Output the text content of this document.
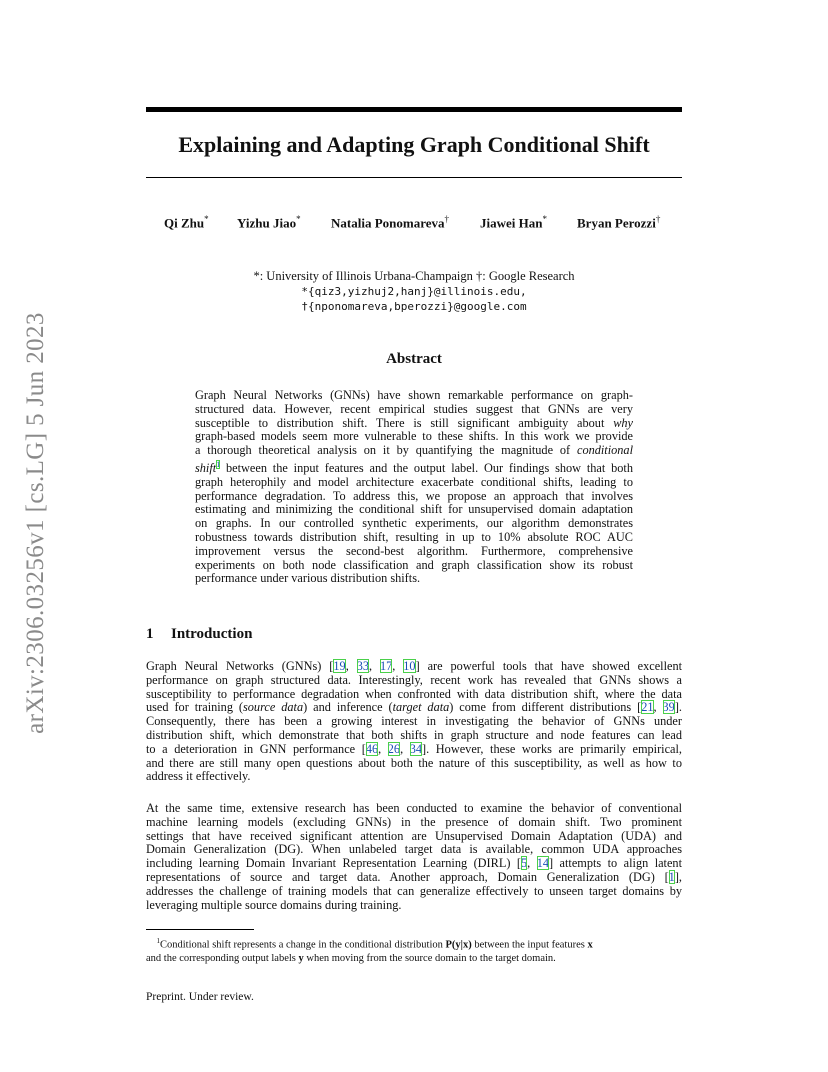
arXiv:2306.03256v1 [cs.LG] 5 Jun 2023
Explaining and Adapting Graph Conditional Shift
Qi Zhu* Yizhu Jiao* Natalia Ponomareva† Jiawei Han* Bryan Perozzi†
*: University of Illinois Urbana-Champaign †: Google Research
*{qiz3,yizhuj2,hanj}@illinois.edu,
†{nponomareva,bperozzi}@google.com
Abstract
Graph Neural Networks (GNNs) have shown remarkable performance on graph-
structured data. However, recent empirical studies suggest that GNNs are very
susceptible to distribution shift. There is still significant ambiguity about why
graph-based models seem more vulnerable to these shifts. In this work we provide
a thorough theoretical analysis on it by quantifying the magnitude of conditional
shift$^1$ between the input features and the output label. Our findings show that both
graph heterophily and model architecture exacerbate conditional shifts, leading to
performance degradation. To address this, we propose an approach that involves
estimating and minimizing the conditional shift for unsupervised domain adaptation
on graphs. In our controlled synthetic experiments, our algorithm demonstrates
robustness towards distribution shift, resulting in up to 10% absolute ROC AUC
improvement versus the second-best algorithm. Furthermore, comprehensive
experiments on both node classification and graph classification show its robust
performance under various distribution shifts.
1 Introduction
Graph Neural Networks (GNNs) [19, 33, 17, 10] are powerful tools that have showed excellent
performance on graph structured data. Interestingly, recent work has revealed that GNNs shows a
susceptibility to performance degradation when confronted with data distribution shift, where the data
used for training (source data) and inference (target data) come from different distributions [21, 39].
Consequently, there has been a growing interest in investigating the behavior of GNNs under
distribution shift, which demonstrate that both shifts in graph structure and node features can lead
to a deterioration in GNN performance [46, 26, 34]. However, these works are primarily empirical,
and there are still many open questions about both the nature of this susceptibility, as well as how to
address it effectively.
At the same time, extensive research has been conducted to examine the behavior of conventional
machine learning models (excluding GNNs) in the presence of domain shift. Two prominent
settings that have received significant attention are Unsupervised Domain Adaptation (UDA) and
Domain Generalization (DG). When unlabeled target data is available, common UDA approaches
including learning Domain Invariant Representation Learning (DIRL) [5, 14] attempts to align latent
representations of source and target data. Another approach, Domain Generalization (DG) [1],
addresses the challenge of training models that can generalize effectively to unseen target domains by
leveraging multiple source domains during training.
 $^1$Conditional shift represents a change in the conditional distribution P(y|x) between the input features x
and the corresponding output labels y when moving from the source domain to the target domain.
Preprint. Under review.
